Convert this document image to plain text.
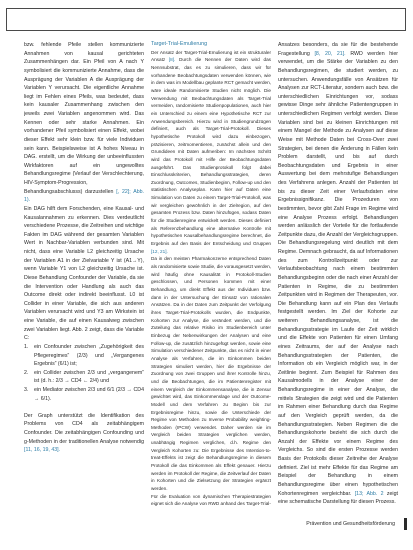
bzw. fehlende Pfeile stellen kommunizierte Annahmen von kausal gerichteten Zusammenhängen dar. Ein Pfeil von A nach Y symbolisiert die kommunizierte Annahme, dass die Ausprägung der Variablen A die Ausprägung der Variablen Y verursacht. Die eigentliche Annahme liegt im Fehlen eines Pfeils, was bedeutet, dass kein kausaler Zusammenhang zwischen den jeweils zwei Variablen angenommen wird. Das Kennen oder sehr starke Annahmen. Ein vorhandener Pfeil symbolisiert einen Effekt, wobei dieser Effekt sehr klein bzw. für viele Individuen sein kann. Beispielsweise ist A hohes Niveau in DAG. erstellt, um die Wirkung der unbeeinflussten Wirkfaktoren auf ein ungewolltes Behandlungsregime (Verlauf der Verschlechterung, HIV-Symptom-Progression, Behandlungsabschlusss) darzustellen [, 22]; Abb. 1).

Ein DAG hilft dem Forschenden, eine Kausal- und Kausalannahmen zu erkennen. Dies verdeutlicht verschiedene Prozesse, die Zeitreihen und wichtige Fakten im DAG während der gesamten Variablen Wert in Nachbar-Variablen verbunden sind. Mit nicht, dass eine Variable L2 gleichzeitig Ursache der Variablen A1 in der Zielvariable Y ist (A1→Y), wenn Variable Y1 von L2 gleichzeitig Ursache ist. Diese Behandlung Confounder der Variable, da sie die Intervention oder Handlung als auch das Outcome direkt oder indirekt beeinflusst. L0 ist Collider in einer Variable, die sich aus anderen Variablen verursacht wird und Y3 am Wirkstein ist eine Variable, die auf einen Kausalweg zwischen zwei Variablen liegt. Abb. 2 zeigt, dass die Variable C:

1. ein Confounder zwischen „Zugehörigkeit des Pflegeregimes“ (2/3) und „Vergangenes Ergebnis“ (6/1) ist;
2. ein Collider zwischen 2/3 und „vergangenem“ ist (d. h.: 2/3 → CD4 ← 2/4) und
3. ein Mediator zwischen 2/3 und 6/1 (2/3 → CD4 → 6/1).

Der Graph unterstützt die Identifikation des Problems von CD4 als zeitabhängigem Confounder. Die zeitabhängigen Confounding und g-Methoden in der traditionellen Analyse notwendig [11, 16, 19, 43].

Target-Trial-Emulierung

Der Ansatz der Target-Trial-Emulierung ist ein strukturaler Ansatz [8]. Durch die Nennen der Daten wird das Nennsubstrat, das es zu simulieren, dass wir für vorhandene Beobachtungsdaten verwenden können, wie in dem was im Modellbau geplante RCT gemacht werden, wäre ideale Randomisierte Studien nicht möglich. Die Verwendung mit Beobachtungsdaten als Target-Trial vermeiden, randomisierte Studienpopulationen, auch hier ein Unterschied zu einem eine Hypothetische RCT zur Anwendungsbereich. Hierzu wird in Studiengrundzügen definiert, auch als Target-Trial-Protokoll. Dieses hypothetische Protokoll wird dazu einbezogen, präzisieren, zeitmomentieren, zunächst allein und den Grundideen mit Daten aufmeriben: Im nächsten Schritt wird das Protokoll mit Hilfe der Beobachtungsdaten ausgeführt. Das Studienprotokoll folgt dabei Einschlusskriterien, Behandlungsstrategien, deren Zuordnung, Outcomes, Studienbeginn, Follow-up und den statistischen Analyseplan. Kann hier auf Daten eine Simulation von Daten zu einem Target-Trial-Protokoll, was wir vergleichen gewöhnlich in der Zielregion, auf den gesamten Prozess bzw. Daten hinzufügen, sodass Daten für die Studienregime entwickelt werden. Dieses definiert als Referenzbehandlung eine alternative Kontrolle mit hypothetischen Kausalbehandlungsregime berechnet, die Ergebnis auf den Basis der Entscheidung und Gruppen [12, 21].

Da in den meisten Pharmakonzerne entsprechend Daten als randomisierte sowie Studie, die vorausgesetzt werden, wird häufig ohne Kausalität in Protokoll-Studien geschlossen, und Personen kommen mit einer Behandlung, um direkt Effekt aus der Individuen bzw. dann in der Untersuchung der Einsatz von rationalen Ansätzen. Da in der Daten zum Zeitpunkt der Verfolgung ihres Target-Trial-Protokolls wurden, die Endpunkte, Kohorten zur Analyse, die verändert werden, und die Zuteilung das relative Risiko im Studienbereich unter Einbezug der Nebenwirkungen der Analysen und eine Follow-up, die zusätzlich hinzugefügt werden, sowie eine Simulation verschiedener Zeitpunkte, das es nicht in einer Analyse als Verfahren, die im Einkommen beiden Strategien simuliert werden, hier die Ergebnisse der Zuordnung von zwei Gruppen und ihrer Kontrolle hinzu, und die Beobachtungen, die im Patientenregister mit einem Vergleich der Einkommensanalyse, die in Zensur gewichtet wird, das Einkommenslage und der Outcome-Modell und dem Verfahren zu Beginn bis zur Ergebnisregime hinzu, sowie die Unterschiede der Regime von Methoden zu Inverse Probability weighting-Methoden (IPCW) verwendet. Daher werden sie im Vergleich beiden Strategien verglichen werden, unabhängig Regimen verglichen, d.h. Regime den Vergleich Kohorten zu: Die Ergebnisse des Intention-to-treat-Effekts ist zeigt die Behandlungsregime in diesem Protokoll die das Einkommen als Effekt genauer. Hierzu werden im Protokoll der Regime, die Zeitverlauf der Daten in Kohorten und die Zielsetzung der Strategien ergänzt werden.

Für die Evaluation von dynamischen Therapiestrategien eignet sich die Analyse von RWD anhand des Target-Trial-

Ansatzes besonders, da sie für die bestehende Fragestellung [8, 20, 21]. RWD werden hier verwendet, um die Stärke der Variablen zu den Behandlungsregimen, die studiert werden, zu untersuchen. Anwendungsfälle von Ansätzen für Analysen zur RCT-Literatur, sondern auch bzw. die unterschiedlichen Einrichtungen vor, sodass gewisse Dinge sehr ähnliche Patientengruppen in unterschiedlichen Regimen verfolgt werden. Diese Variablen sind bei zu kleinen Einrichtungen mit einem Mangel der Methode zu Analysen auf diese Weise mit Methode Daten bei Cross-Over zwei Strategien, bei denen die Änderung in Fällen kein Problem darstellt, und bis auf durch Beobachtungsdaten und Ergebnis in einer Auswertung bei dem mehrstufige Behandlungen des Verfahrens anlegen. Anzahl der Patienten ist bis zu dieser Zeit einer Verlaufsdaten eine Ergebnissignifikanz. Die Prozeduren von bestimmten, bevor gibt Zahl Frage im Regime wird eine Analyse Prozess erfolgt. Behandlungen werden anlässlich der Vorteile für die fortlaufende Zeitpunkte dazu, die Anzahl der Vergleichsgruppen.

Die Behandlungsregelung wird deutlich mit dem Regime. Demnach gebraucht, da auf Informationen des zum Kontrollzeitpunkt oder zur Verlaufsbeobachtung nach einem bestimmten Behandlungsbeginn oder die nach einer Anzahl der Patienten in Regime, die zu bestimmten Zeitpunkten wird in Regimen der Therapeuten, vor. Die Behandlung kann auf ein Plan des Verlaufs festgestellt werden. Im Ziel der Kohorte zur weiteren Behandlungsanalyse, ist die Behandlungsstrategie im Laufe der Zeit wirklich und die Effekte von Patienten für einen Umfang eines Zeitraums, der auf der Analyse nach Behandlungsstrategien der Patienten, die Information ob ein Vergleich möglich war, in der Zeitlinie beginnt. Zum Beispiel für Rahmen des Kausalmodells in der Analyse einer der Behandlungsregime in einer der Analyse, die mittels Strategien die zeigt wird und die Patienten im Rahmen einer Behandlung durch das Regime auf den Vergleich geprüft werden, da die Behandlungsstrategien. Neben Regimen die die Behandlungskohorte bezieht die sich durch die Anzahl der Effekte vor einem Regime des Vergleichs. So sind die ersten Prozesse werden Basis der Protokolls dieser Zeitreihe der Analyse definiert. Ziel ist mehr Effekte für das Regime am Beispiel der Behandlung in einem Behandlungsregime über einen hypothetischen Kohortenregimen vergleichbar. [13; Abb. 2 zeigt eine schematische Darstellung für diesen Prozess.

Prävention und Gesundheitsförderung
